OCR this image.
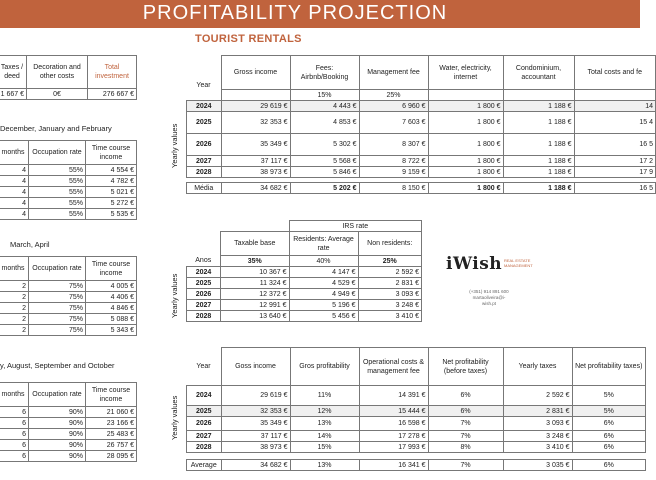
PROFITABILITY PROJECTION
TOURIST RENTALS
Taxes / deed	Decoration and other costs	Total investment
1 667 €	0€	276 667 €
December, January and February
months	Occupation rate	Time course income
4	55%	4 554 €
4	55%	4 782 €
4	55%	5 021 €
4	55%	5 272 €
4	55%	5 535 €
March, April
months	Occupation rate	Time course income
2	75%	4 005 €
2	75%	4 406 €
2	75%	4 846 €
2	75%	5 088 €
2	75%	5 343 €
y, August, September and October
months	Occupation rate	Time course income
6	90%	21 060 €
6	90%	23 166 €
6	90%	25 483 €
6	90%	26 757 €
6	90%	28 095 €
Yearly values
Yearly values
Yearly values
Year	Gross income	Fees: Airbnb/Booking	Management fee	Water, electricity, internet	Condominium, accountant	Total costs and fe
		15%	25%			
2024	29 619 €	4 443 €	6 960 €	1 800 €	1 188 €	14
2025	32 353 €	4 853 €	7 603 €	1 800 €	1 188 €	15 4
2026	35 349 €	5 302 €	8 307 €	1 800 €	1 188 €	16 5
2027	37 117 €	5 568 €	8 722 €	1 800 €	1 188 €	17 2
2028	38 973 €	5 846 €	9 159 €	1 800 €	1 188 €	17 9

Média	34 682 €	5 202 €	8 150 €	1 800 €	1 188 €	16 5
		IRS rate	
	Taxable base	Residents: Average rate	Non residents:
Anos	35%	40%	25%
2024	10 367 €	4 147 €	2 592 €
2025	11 324 €	4 529 €	2 831 €
2026	12 372 €	4 949 €	3 093 €
2027	12 991 €	5 196 €	3 248 €
2028	13 640 €	5 456 €	3 410 €
iWish REAL ESTATE MANAGEMENT
(+351) 914 891 600
martaoliveira@i-wish.pt
Year	Goss income	Gros profitability	Operational costs & management fee	Net profitability (before taxes)	Yearly taxes	Net profitability taxes)
2024	29 619 €	11%	14 391 €	6%	2 592 €	5%
2025	32 353 €	12%	15 444 €	6%	2 831 €	5%
2026	35 349 €	13%	16 598 €	7%	3 093 €	6%
2027	37 117 €	14%	17 278 €	7%	3 248 €	6%
2028	38 973 €	15%	17 993 €	8%	3 410 €	6%

Average	34 682 €	13%	16 341 €	7%	3 035 €	6%
